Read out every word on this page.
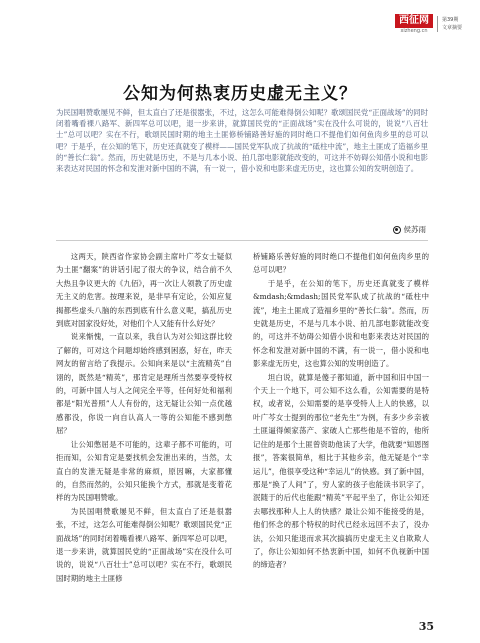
西征网
xizheng.cn
第39期
文章摘要
公知为何热衷历史虚无主义？
为民国唱赞歌屡见不鲜，但太直白了还是很嚣张，不过，这怎么可能难得倒公知呢？歌颂国民党“正面战场”的同时闭着嘴看裸八路军、新四军总可以吧，退一步来讲，就算国民党的“正面战场”实在没什么可说的，说说“八百壮士”总可以吧？实在不行，歌颂民国时期的地主土匪修桥铺路善好施的同时绝口不提他们如何鱼肉乡里的总可以吧？于是乎，在公知的笔下，历史还真就变了模样——国民党军队成了抗战的“砥柱中流”，地主土匪成了造福乡里的“善长仁翁”。然而，历史就是历史，不是与几本小说、拍几部电影就能改变的，可这并不妨碍公知借小说和电影来表达对民国的怀念和发泄对新中国的不满，有一说一，借小说和电影来虚无历史，这也算公知的发明创造了。
侯苏雨

这两天，陕西省作家协会副主席叶广芩女士疑似为土匪“翻案”的讲话引起了很大的争议，结合前不久大热且争议更大的《九佰》，再一次让人领教了历史虚无主义的危害。按理来说，是非早有定论，公知应复揭都些虚头八脑的东西到底有什么意义呢，搞乱历史到底对国家没好处，对他们个人又能有什么好处？

说来惭愧，一直以来，我自认为对公知这群比较了解的，可对这个问题却始终感到困惑，好在，昨天网友的留言给了我提示。公知向来是以“主流精英”自诩的，既然是“精英”，那肯定是理所当然要享受特权的，可新中国人与人之间完全平等，任何好处和福利都是“阳光普照”人人有份的，这无疑让公知一点优越感都没，你说一向自认高人一等的公知能不感到憋屈？

让公知憋屈是不可能的，这辈子都不可能的，可拒而知，公知肯定是要找机会发泄出来的，当然，太直白的发泄无疑是非常的麻烦，原因嘛，大家都懂的，自然而然的，公知只能换个方式，那就是变着花样的为民国唱赞歌。

为民国唱赞歌屡见不鲜，但太直白了还是很嚣张，不过，这怎么可能难得倒公知呢？歌颂国民党“正面战场”的同时闭着嘴看裸八路军、新四军总可以吧，退一步来讲，就算国民党的“正面战场”实在没什么可说的，说说“八百壮士”总可以吧？实在不行，歌颂民国时期的地主土匪修

桥铺路乐善好施的同时绝口不提他们如何鱼肉乡里的总可以吧？

于是乎，在公知的笔下，历史还真就变了模样&mdash;&mdash;国民党军队成了抗战的“砥柱中流”，地主土匪成了造福乡里的“善长仁翁”。然而，历史就是历史，不是与几本小说、拍几部电影就能改变的，可这并不妨碍公知借小说和电影来表达对民国的怀念和发泄对新中国的不满，有一说一，借小说和电影来虚无历史，这也算公知的发明创造了。

坦白说，就算是傻子都知道，新中国和旧中国一个天上一个地下，可公知不这么看，公知需要的是特权，或者说，公知需要的是享受特人上人的快感，以叶广芩女士提到的那位“老先生”为例，有多少乡亲被土匪逼得倾家荡产、家破人亡那些他是不管的，他所记住的是那个土匪曾资助他读了大学，他就要“知恩图报”，答案很简单，相比于其他乡亲，他无疑是个“幸运儿”，他很享受这种“幸运儿”的快感。到了新中国，那是“换了人间”了，穷人家的孩子也能读书识字了，泯随于的后代也能跟“精英”平起平坐了，你让公知还去哪找那种人上人的快感？最让公知不能接受的是，他们怀念的那个特权的时代已经永远回不去了，没办法，公知只能退而求其次搞搞历史虚无主义自欺欺人了，你让公知如何不热衷新中国，如何不仇视新中国的缔造者？

35
